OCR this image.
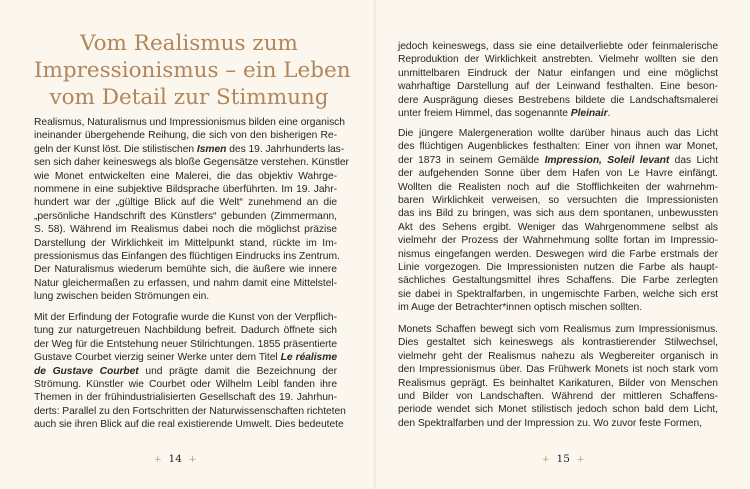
Vom Realismus zum
Impressionismus – ein Leben
vom Detail zur Stimmung
Realismus, Naturalismus und Impressionismus bilden eine organisch
ineinander übergehende Reihung, die sich von den bisherigen Re-
geln der Kunst löst. Die stilistischen Ismen des 19. Jahrhunderts las-
sen sich daher keineswegs als bloße Gegensätze verstehen. Künstler
wie Monet entwickelten eine Malerei, die das objektiv Wahrge-
nommene in eine subjektive Bildsprache überführten. Im 19. Jahr-
hundert war der „gültige Blick auf die Welt“ zunehmend an die
„persönliche Handschrift des Künstlers“ gebunden (Zimmermann,
S. 58). Während im Realismus dabei noch die möglichst präzise
Darstellung der Wirklichkeit im Mittelpunkt stand, rückte im Im-
pressionismus das Einfangen des flüchtigen Eindrucks ins Zentrum.
Der Naturalismus wiederum bemühte sich, die äußere wie innere
Natur gleichermaßen zu erfassen, und nahm damit eine Mittelstel-
lung zwischen beiden Strömungen ein.
Mit der Erfindung der Fotografie wurde die Kunst von der Verpflich-
tung zur naturgetreuen Nachbildung befreit. Dadurch öffnete sich
der Weg für die Entstehung neuer Stilrichtungen. 1855 präsentierte
Gustave Courbet vierzig seiner Werke unter dem Titel Le réalisme
de Gustave Courbet und prägte damit die Bezeichnung der
Strömung. Künstler wie Courbet oder Wilhelm Leibl fanden ihre
Themen in der frühindustrialisierten Gesellschaft des 19. Jahrhun-
derts: Parallel zu den Fortschritten der Naturwissenschaften richteten
auch sie ihren Blick auf die real existierende Umwelt. Dies bedeutete
+ 14 +
jedoch keineswegs, dass sie eine detailverliebte oder feinmalerische
Reproduktion der Wirklichkeit anstrebten. Vielmehr wollten sie den
unmittelbaren Eindruck der Natur einfangen und eine möglichst
wahrhaftige Darstellung auf der Leinwand festhalten. Eine beson-
dere Ausprägung dieses Bestrebens bildete die Landschaftsmalerei
unter freiem Himmel, das sogenannte Pleinair.
Die jüngere Malergeneration wollte darüber hinaus auch das Licht
des flüchtigen Augenblickes festhalten: Einer von ihnen war Monet,
der 1873 in seinem Gemälde Impression, Soleil levant das Licht
der aufgehenden Sonne über dem Hafen von Le Havre einfängt.
Wollten die Realisten noch auf die Stofflichkeiten der wahrnehm-
baren Wirklichkeit verweisen, so versuchten die Impressionisten
das ins Bild zu bringen, was sich aus dem spontanen, unbewussten
Akt des Sehens ergibt. Weniger das Wahrgenommene selbst als
vielmehr der Prozess der Wahrnehmung sollte fortan im Impressio-
nismus eingefangen werden. Deswegen wird die Farbe erstmals der
Linie vorgezogen. Die Impressionisten nutzen die Farbe als haupt-
sächliches Gestaltungsmittel ihres Schaffens. Die Farbe zerlegten
sie dabei in Spektralfarben, in ungemischte Farben, welche sich erst
im Auge der Betrachter*innen optisch mischen sollten.
Monets Schaffen bewegt sich vom Realismus zum Impressionismus.
Dies gestaltet sich keineswegs als kontrastierender Stilwechsel,
vielmehr geht der Realismus nahezu als Wegbereiter organisch in
den Impressionismus über. Das Frühwerk Monets ist noch stark vom
Realismus geprägt. Es beinhaltet Karikaturen, Bilder von Menschen
und Bilder von Landschaften. Während der mittleren Schaffens-
periode wendet sich Monet stilistisch jedoch schon bald dem Licht,
den Spektralfarben und der Impression zu. Wo zuvor feste Formen,
+ 15 +
